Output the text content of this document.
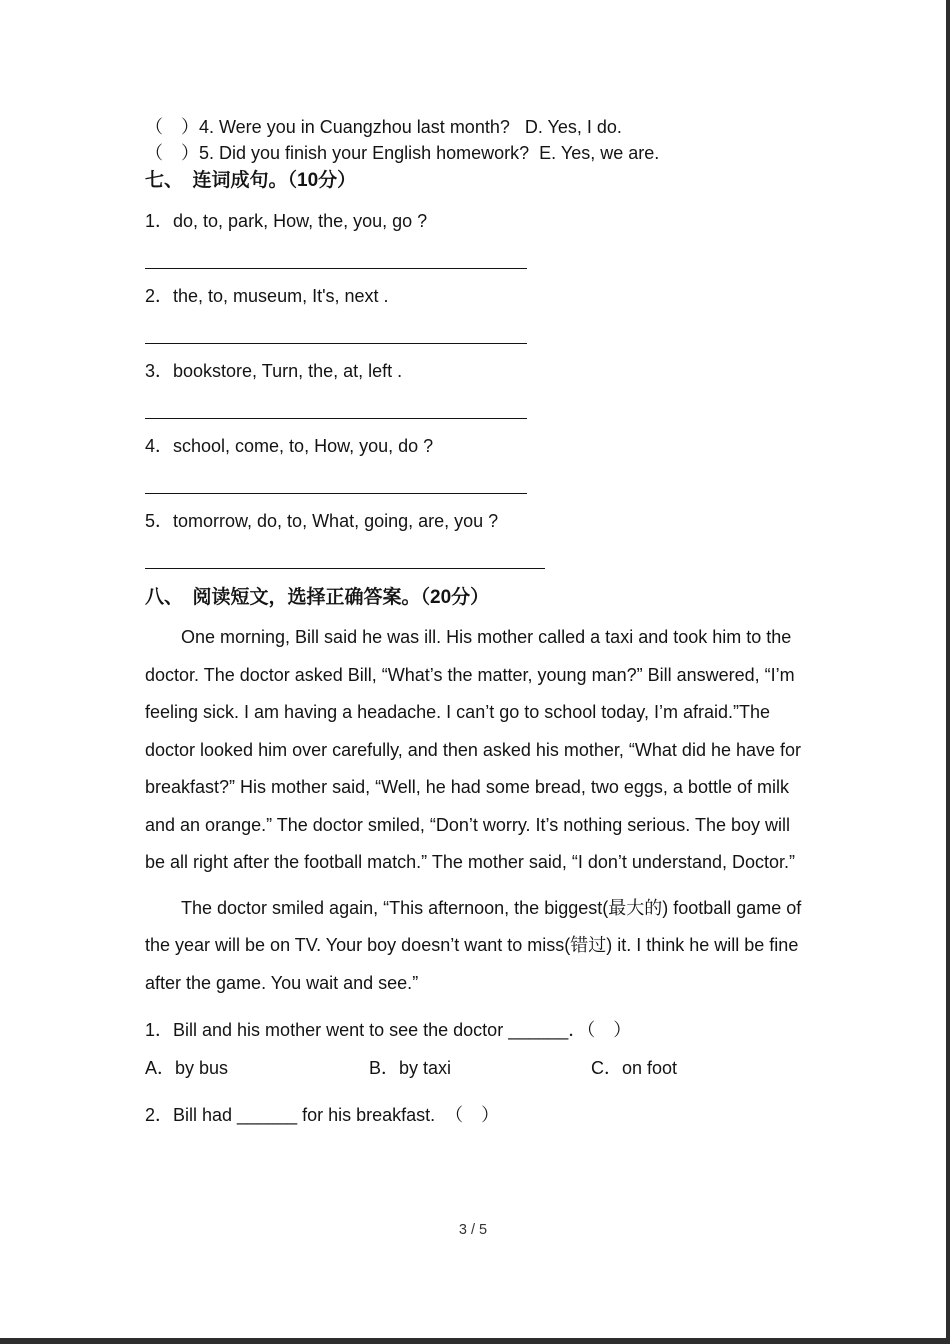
（　）4. Were you in Cuangzhou last month?   D. Yes, I do.
（　）5. Did you finish your English homework?  E. Yes, we are.
七、　连词成句。（10分）
1．do, to, park, How, the, you, go ?
2．the, to, museum, It's, next .
3．bookstore, Turn, the, at, left .
4．school, come, to, How, you, do ?
5．tomorrow, do, to, What, going, are, you ?
八、　阅读短文，选择正确答案。（20分）

One morning, Bill said he was ill. His mother called a taxi and took him to the doctor. The doctor asked Bill, “What’s the matter, young man?” Bill answered, “I’m feeling sick. I am having a headache. I can’t go to school today, I’m afraid.”The doctor looked him over carefully, and then asked his mother, “What did he have for breakfast?” His mother said, “Well, he had some bread, two eggs, a bottle of milk and an orange.” The doctor smiled, “Don’t worry. It’s nothing serious. The boy will be all right after the football match.” The mother said, “I don’t understand, Doctor.”

The doctor smiled again, “This afternoon, the biggest(最大的) football game of the year will be on TV. Your boy doesn’t want to miss(错过) it. I think he will be fine after the game. You wait and see.”

1．Bill and his mother went to see the doctor ______．（　）
A．by bus	B．by taxi	C．on foot
2．Bill had ______ for his breakfast.  （　）
3 / 5
